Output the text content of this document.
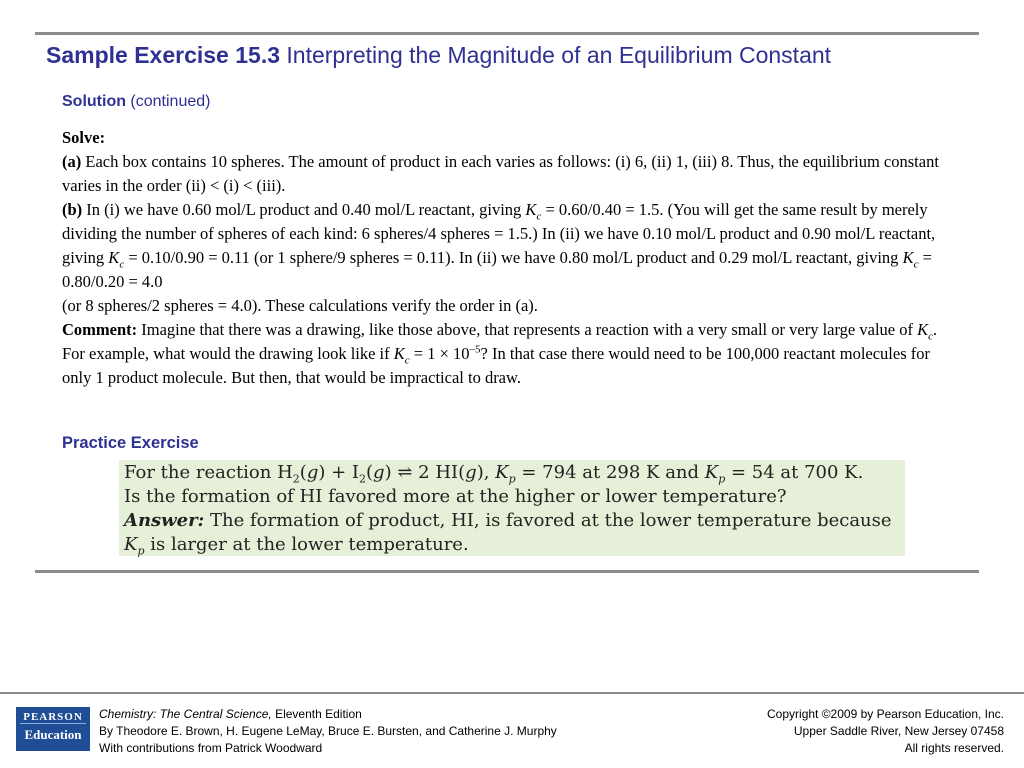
Sample Exercise 15.3 Interpreting the Magnitude of an Equilibrium Constant
Solution (continued)

Solve:

(a) Each box contains 10 spheres. The amount of product in each varies as follows: (i) 6, (ii) 1, (iii) 8. Thus, the equilibrium constant varies in the order (ii) < (i) < (iii).

(b) In (i) we have 0.60 mol/L product and 0.40 mol/L reactant, giving $K_c = 0.60/0.40 = 1.5$. (You will get the same result by merely dividing the number of spheres of each kind: 6 spheres/4 spheres = 1.5.) In (ii) we have 0.10 mol/L product and 0.90 mol/L reactant, giving $K_c = 0.10/0.90 = 0.11$ (or 1 sphere/9 spheres = 0.11). In (ii) we have 0.80 mol/L product and 0.29 mol/L reactant, giving $K_c = 0.80/0.20 = 4.0$
(or 8 spheres/2 spheres = 4.0). These calculations verify the order in (a).

Comment: Imagine that there was a drawing, like those above, that represents a reaction with a very small or very large value of $K_c$. For example, what would the drawing look like if $K_c = 1 \times 10^{-5}$? In that case there would need to be 100,000 reactant molecules for only 1 product molecule. But then, that would be impractical to draw.

Practice Exercise

For the reaction $H_2(g) + I_2(g)$ ⇌ 2 HI(g), $K_p = 794$ at 298 K and $K_p = 54$ at 700 K.

Is the formation of HI favored more at the higher or lower temperature?

Answer: The formation of product, HI, is favored at the lower temperature because

$K_p$ is larger at the lower temperature.

PEARSON
Education

Chemistry: The Central Science, Eleventh Edition

By Theodore E. Brown, H. Eugene LeMay, Bruce E. Bursten, and Catherine J. Murphy

With contributions from Patrick Woodward

Copyright ©2009 by Pearson Education, Inc.

Upper Saddle River, New Jersey 07458

All rights reserved.
